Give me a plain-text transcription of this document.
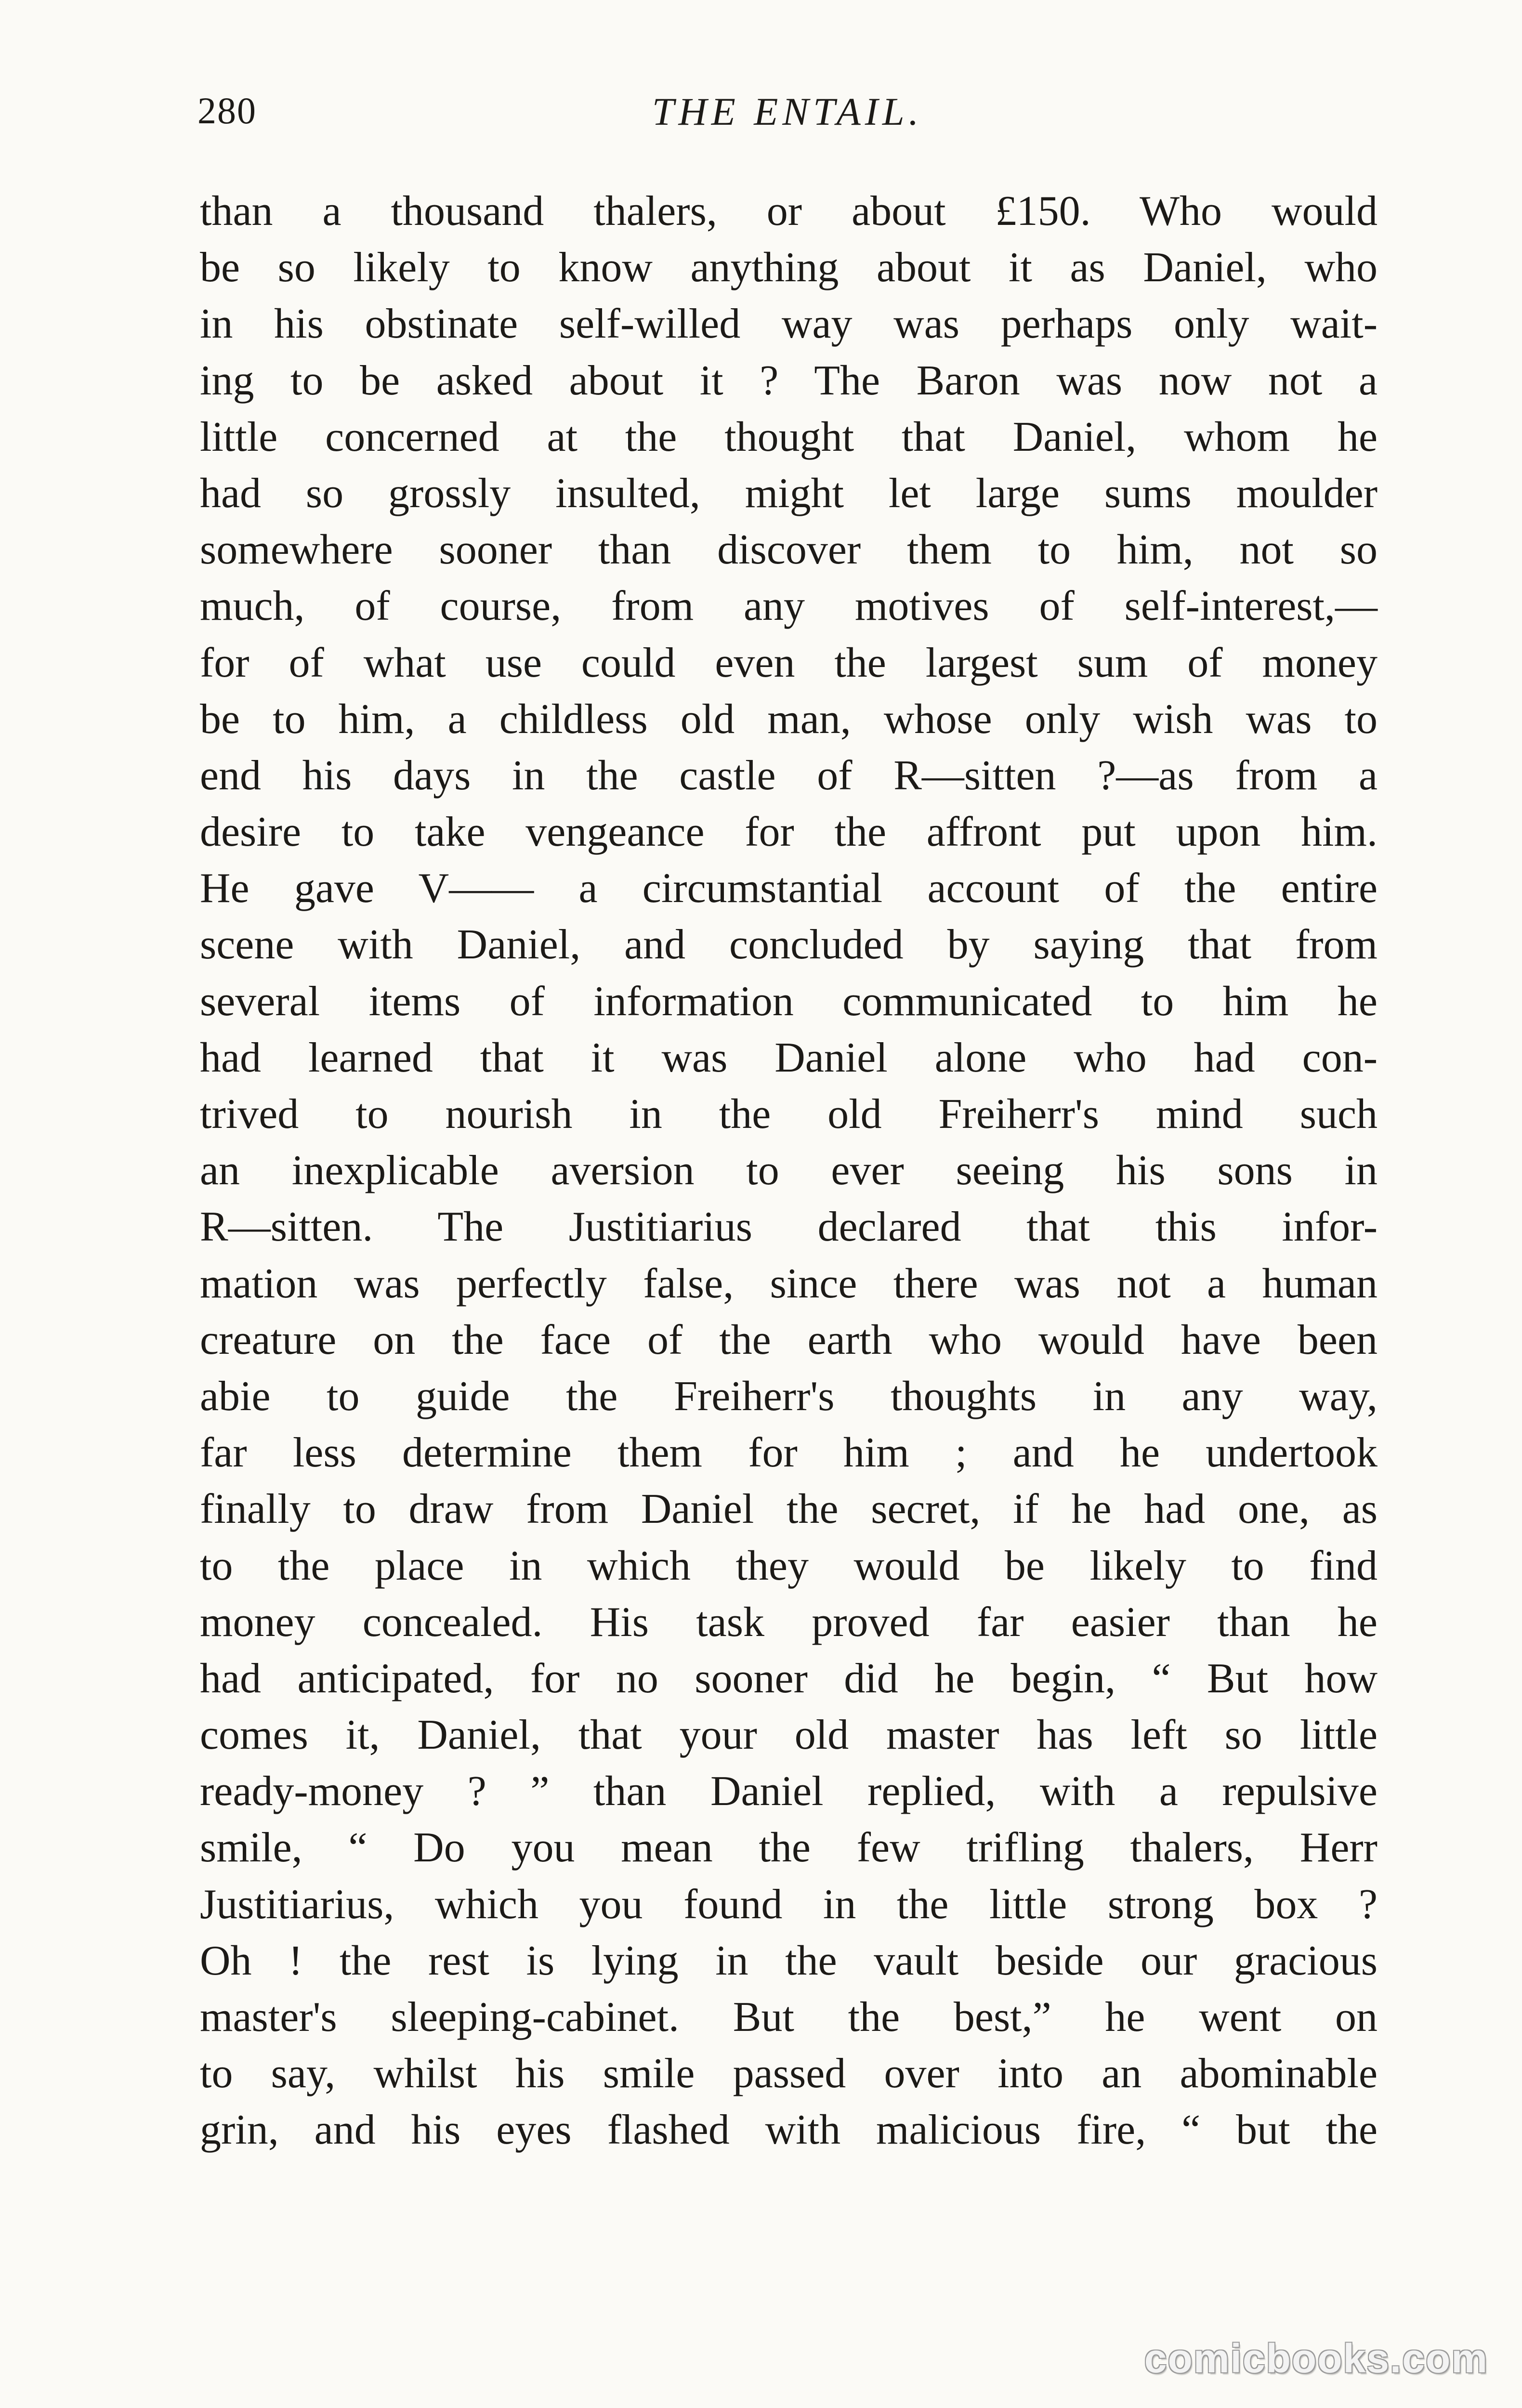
280	THE ENTAIL.
than a thousand thalers, or about £150. Who would
be so likely to know anything about it as Daniel, who
in his obstinate self-willed way was perhaps only wait-
ing to be asked about it ? The Baron was now not a
little concerned at the thought that Daniel, whom he
had so grossly insulted, might let large sums moulder
somewhere sooner than discover them to him, not so
much, of course, from any motives of self-interest,—
for of what use could even the largest sum of money
be to him, a childless old man, whose only wish was to
end his days in the castle of R—sitten ?—as from a
desire to take vengeance for the affront put upon him.
He gave V—— a circumstantial account of the entire
scene with Daniel, and concluded by saying that from
several items of information communicated to him he
had learned that it was Daniel alone who had con-
trived to nourish in the old Freiherr's mind such
an inexplicable aversion to ever seeing his sons in
R—sitten. The Justitiarius declared that this infor-
mation was perfectly false, since there was not a human
creature on the face of the earth who would have been
abie to guide the Freiherr's thoughts in any way,
far less determine them for him ; and he undertook
finally to draw from Daniel the secret, if he had one, as
to the place in which they would be likely to find
money concealed. His task proved far easier than he
had anticipated, for no sooner did he begin, “ But how
comes it, Daniel, that your old master has left so little
ready-money ? ” than Daniel replied, with a repulsive
smile, “ Do you mean the few trifling thalers, Herr
Justitiarius, which you found in the little strong box ?
Oh ! the rest is lying in the vault beside our gracious
master's sleeping-cabinet. But the best,” he went on
to say, whilst his smile passed over into an abominable
grin, and his eyes flashed with malicious fire, “ but the
comicbooks.com
